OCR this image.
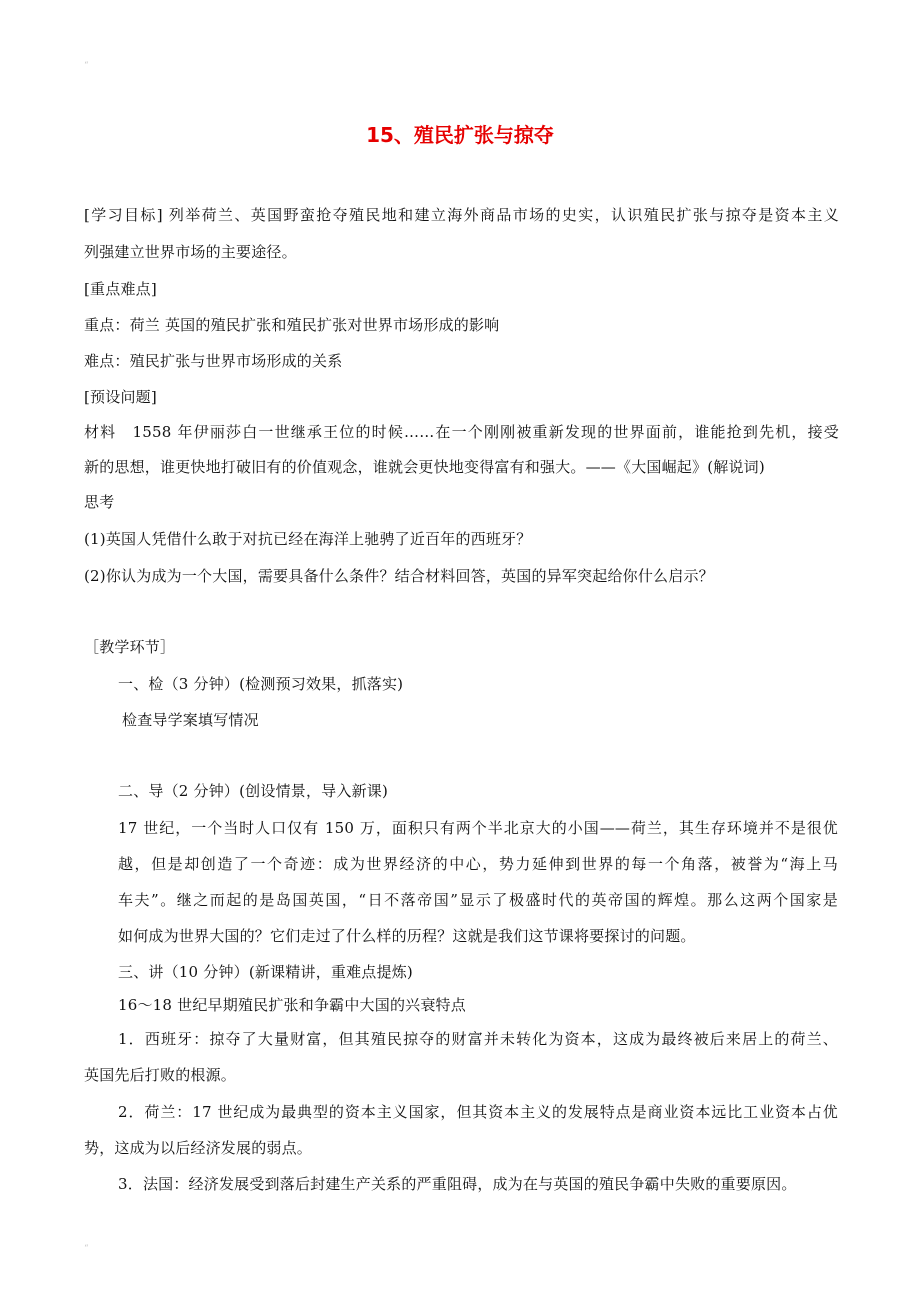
“
“
15、殖民扩张与掠夺
[学习目标] 列举荷兰、英国野蛮抢夺殖民地和建立海外商品市场的史实，认识殖民扩张与掠夺是资本主义
列强建立世界市场的主要途径。
[重点难点]
重点：荷兰 英国的殖民扩张和殖民扩张对世界市场形成的影响
难点：殖民扩张与世界市场形成的关系
[预设问题]
材料　1558 年伊丽莎白一世继承王位的时候……在一个刚刚被重新发现的世界面前，谁能抢到先机，接受
新的思想，谁更快地打破旧有的价值观念，谁就会更快地变得富有和强大。——《大国崛起》(解说词)
思考
(1)英国人凭借什么敢于对抗已经在海洋上驰骋了近百年的西班牙？
(2)你认为成为一个大国，需要具备什么条件？结合材料回答，英国的异军突起给你什么启示？
［教学环节］
一、检（3 分钟）(检测预习效果，抓落实)
检查导学案填写情况
二、导（2 分钟）(创设情景，导入新课)
17 世纪，一个当时人口仅有 150 万，面积只有两个半北京大的小国——荷兰，其生存环境并不是很优
越，但是却创造了一个奇迹：成为世界经济的中心，势力延伸到世界的每一个角落，被誉为“海上马
车夫”。继之而起的是岛国英国，“日不落帝国”显示了极盛时代的英帝国的辉煌。那么这两个国家是
如何成为世界大国的？它们走过了什么样的历程？这就是我们这节课将要探讨的问题。
三、讲（10 分钟）(新课精讲，重难点提炼)
16～18 世纪早期殖民扩张和争霸中大国的兴衰特点
1．西班牙：掠夺了大量财富，但其殖民掠夺的财富并未转化为资本，这成为最终被后来居上的荷兰、
英国先后打败的根源。
2．荷兰：17 世纪成为最典型的资本主义国家，但其资本主义的发展特点是商业资本远比工业资本占优
势，这成为以后经济发展的弱点。
3．法国：经济发展受到落后封建生产关系的严重阻碍，成为在与英国的殖民争霸中失败的重要原因。
